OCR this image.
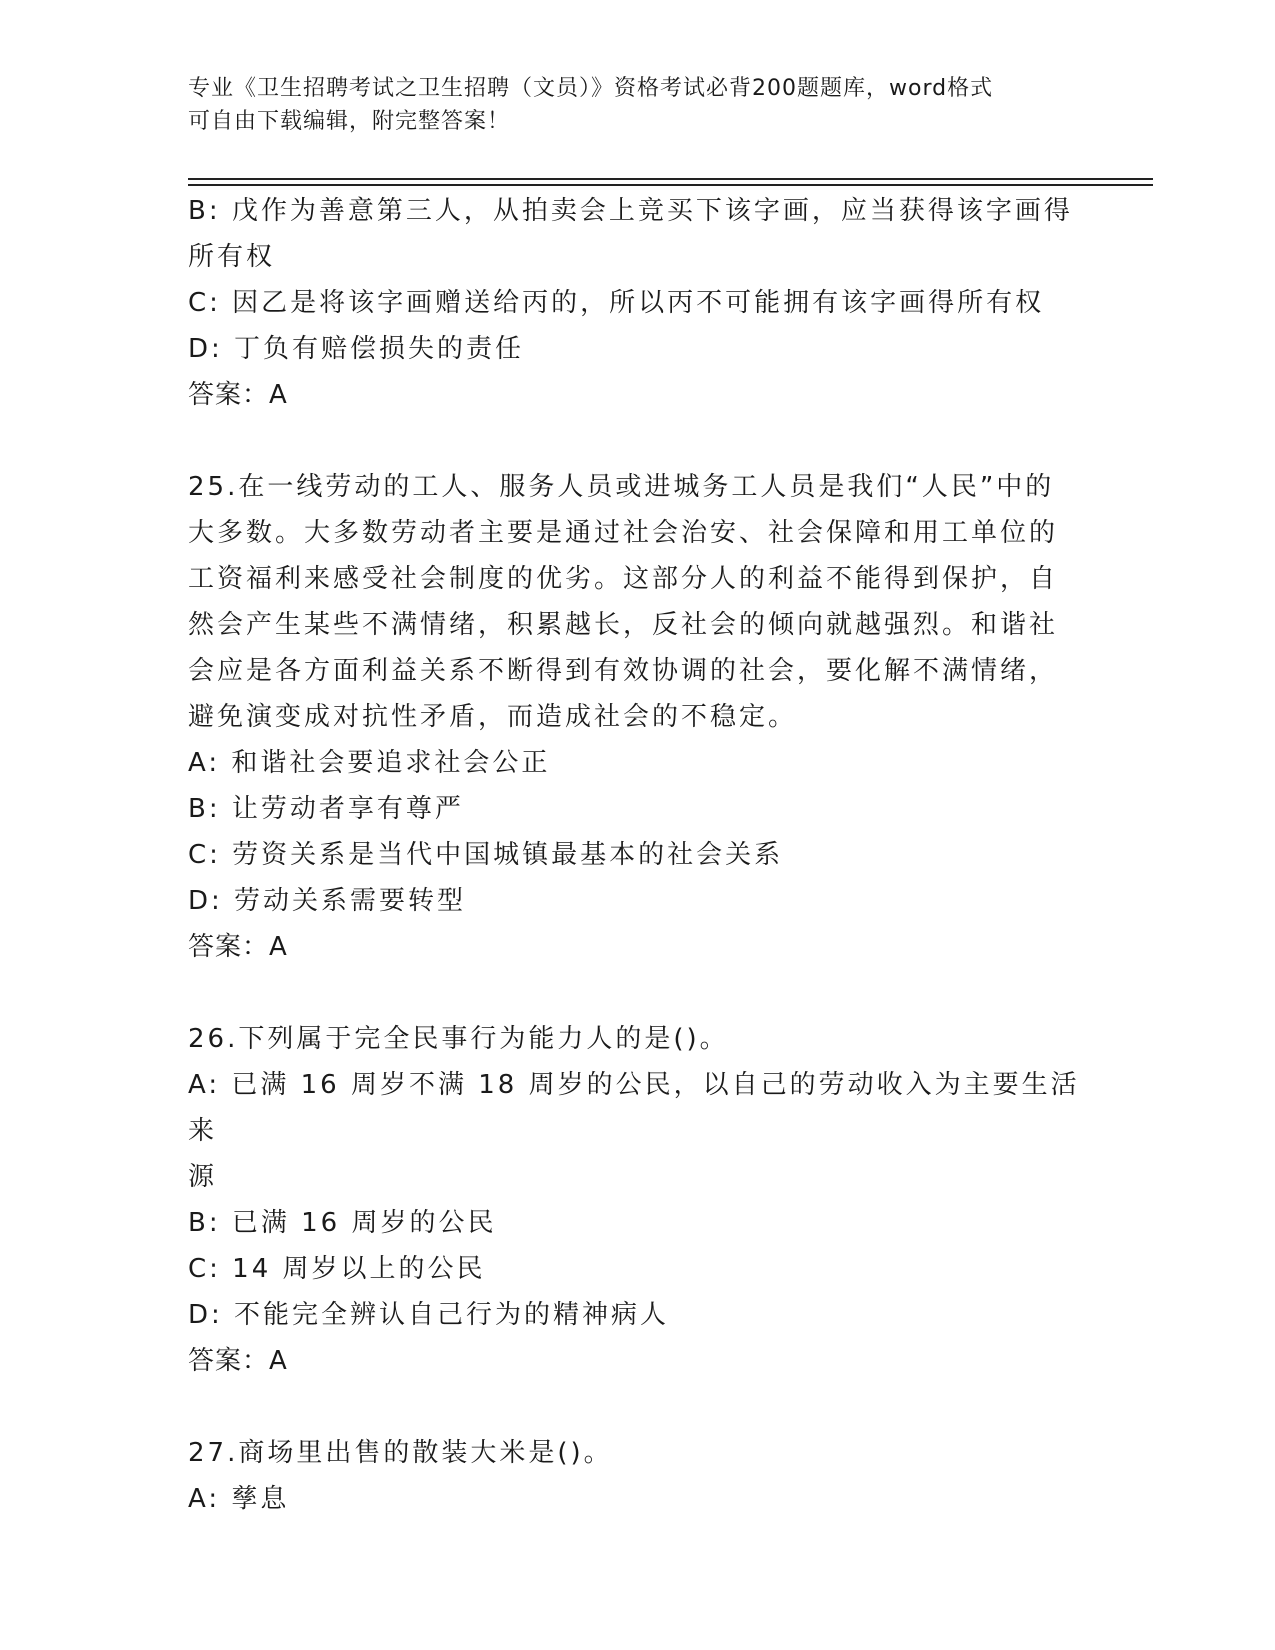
专业《卫生招聘考试之卫生招聘（文员）》资格考试必背200题题库，word格式
可自由下载编辑，附完整答案！
B: 戊作为善意第三人，从拍卖会上竞买下该字画，应当获得该字画得
所有权
C: 因乙是将该字画赠送给丙的，所以丙不可能拥有该字画得所有权
D: 丁负有赔偿损失的责任
答案：A
25.在一线劳动的工人、服务人员或进城务工人员是我们“人民”中的
大多数。大多数劳动者主要是通过社会治安、社会保障和用工单位的
工资福利来感受社会制度的优劣。这部分人的利益不能得到保护，自
然会产生某些不满情绪，积累越长，反社会的倾向就越强烈。和谐社
会应是各方面利益关系不断得到有效协调的社会，要化解不满情绪，
避免演变成对抗性矛盾，而造成社会的不稳定。
A: 和谐社会要追求社会公正
B: 让劳动者享有尊严
C: 劳资关系是当代中国城镇最基本的社会关系
D: 劳动关系需要转型
答案：A
26.下列属于完全民事行为能力人的是()。
A: 已满 16 周岁不满 18 周岁的公民，以自己的劳动收入为主要生活来
源
B: 已满 16 周岁的公民
C: 14 周岁以上的公民
D: 不能完全辨认自己行为的精神病人
答案：A
27.商场里出售的散装大米是()。
A: 孳息
